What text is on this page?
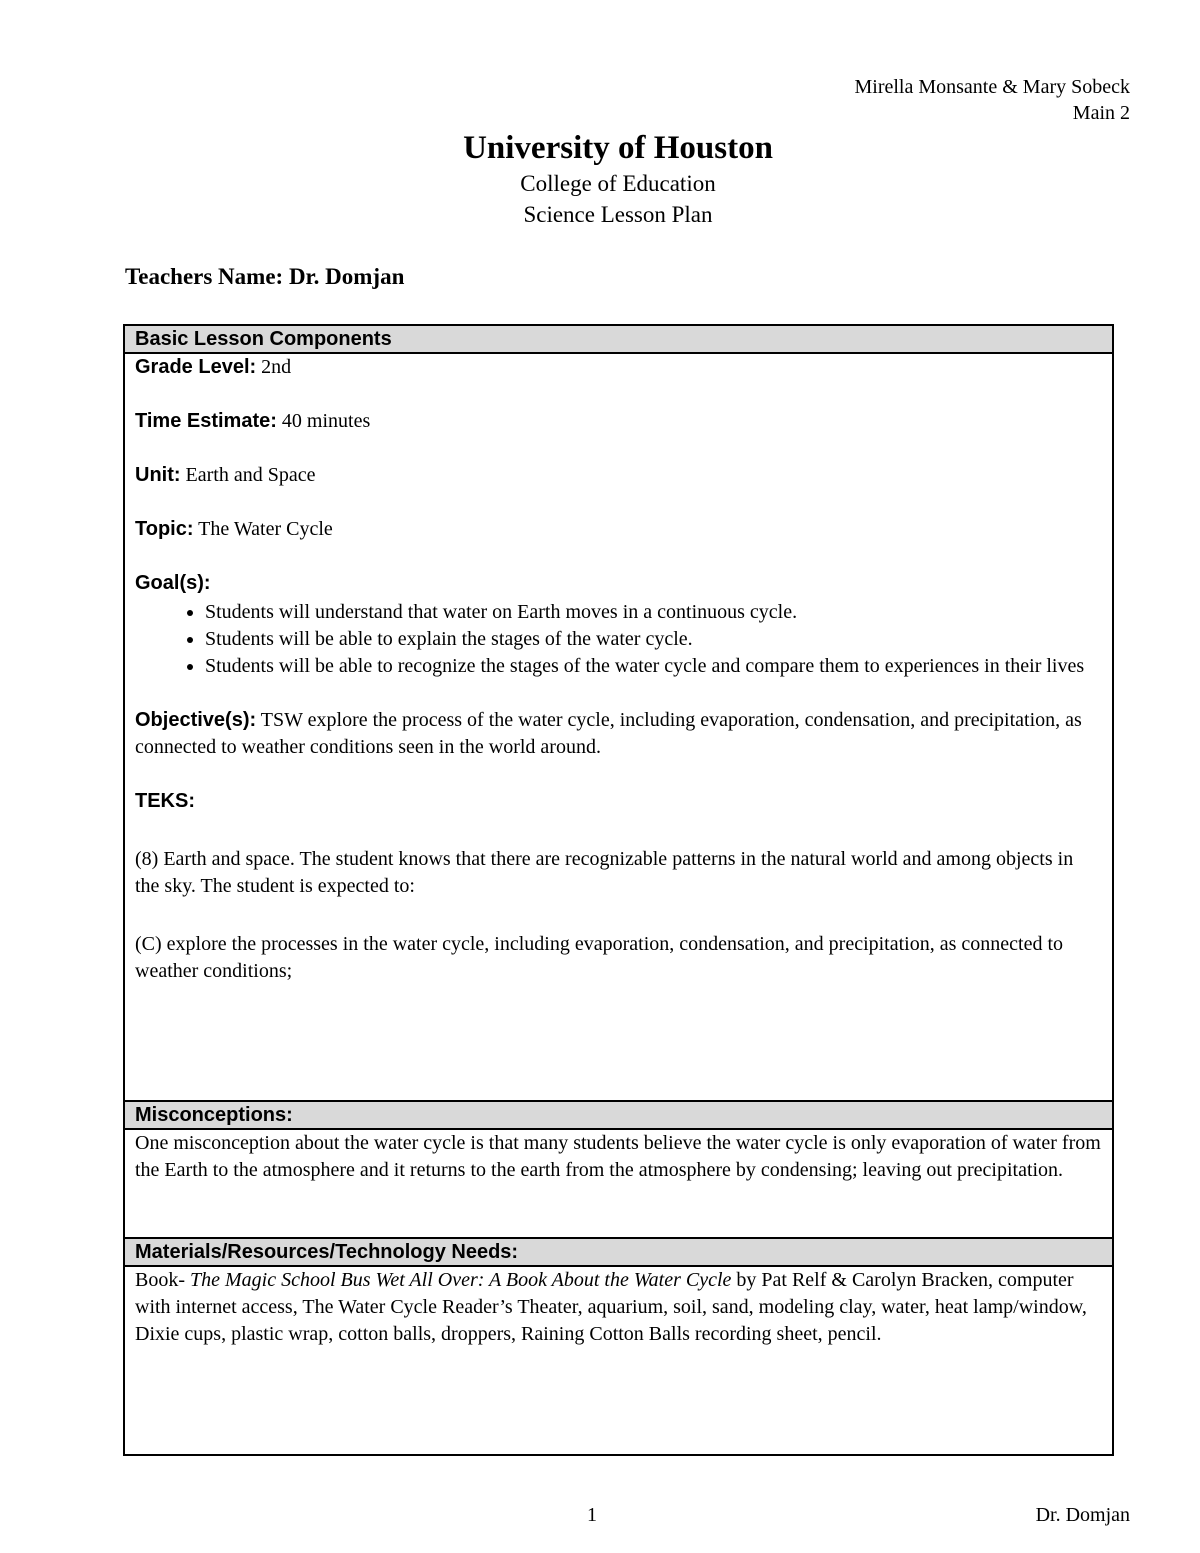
Mirella Monsante & Mary Sobeck
Main 2
University of Houston
College of Education
Science Lesson Plan
Teachers Name: Dr. Domjan
Basic Lesson Components

Grade Level: 2nd
Time Estimate: 40 minutes
Unit: Earth and Space
Topic: The Water Cycle
Goal(s):
• Students will understand that water on Earth moves in a continuous cycle.
• Students will be able to explain the stages of the water cycle.
• Students will be able to recognize the stages of the water cycle and compare them to experiences in their lives
Objective(s): TSW explore the process of the water cycle, including evaporation, condensation, and precipitation, as connected to weather conditions seen in the world around.
TEKS:
(8) Earth and space. The student knows that there are recognizable patterns in the natural world and among objects in the sky. The student is expected to:
(C) explore the processes in the water cycle, including evaporation, condensation, and precipitation, as connected to weather conditions;

Misconceptions:

One misconception about the water cycle is that many students believe the water cycle is only evaporation of water from the Earth to the atmosphere and it returns to the earth from the atmosphere by condensing; leaving out precipitation.

Materials/Resources/Technology Needs:

Book- The Magic School Bus Wet All Over: A Book About the Water Cycle by Pat Relf & Carolyn Bracken, computer with internet access, The Water Cycle Reader’s Theater, aquarium, soil, sand, modeling clay, water, heat lamp/window, Dixie cups, plastic wrap, cotton balls, droppers, Raining Cotton Balls recording sheet, pencil.
1	Dr. Domjan
